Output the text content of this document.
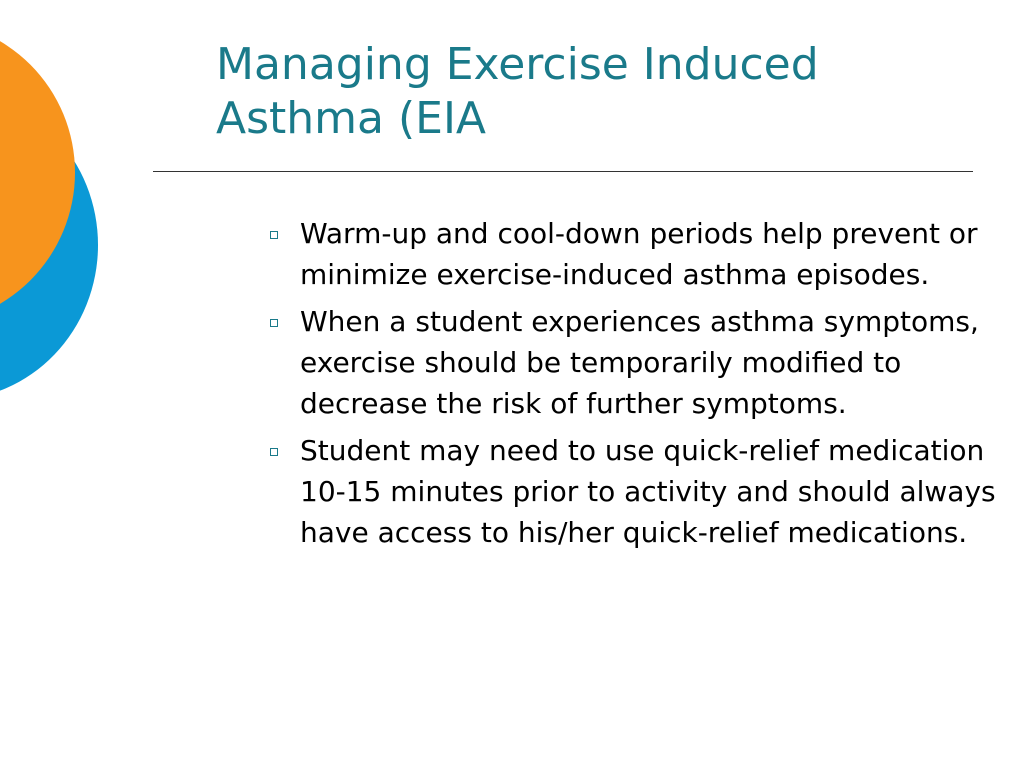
Managing Exercise Induced Asthma (EIA
Warm-up and cool-down periods help prevent or minimize exercise-induced asthma episodes.
When a student experiences asthma symptoms, exercise should be temporarily modified to decrease the risk of further symptoms.
Student may need to use quick-relief medication 10-15 minutes prior to activity and should always have access to his/her quick-relief medications.
